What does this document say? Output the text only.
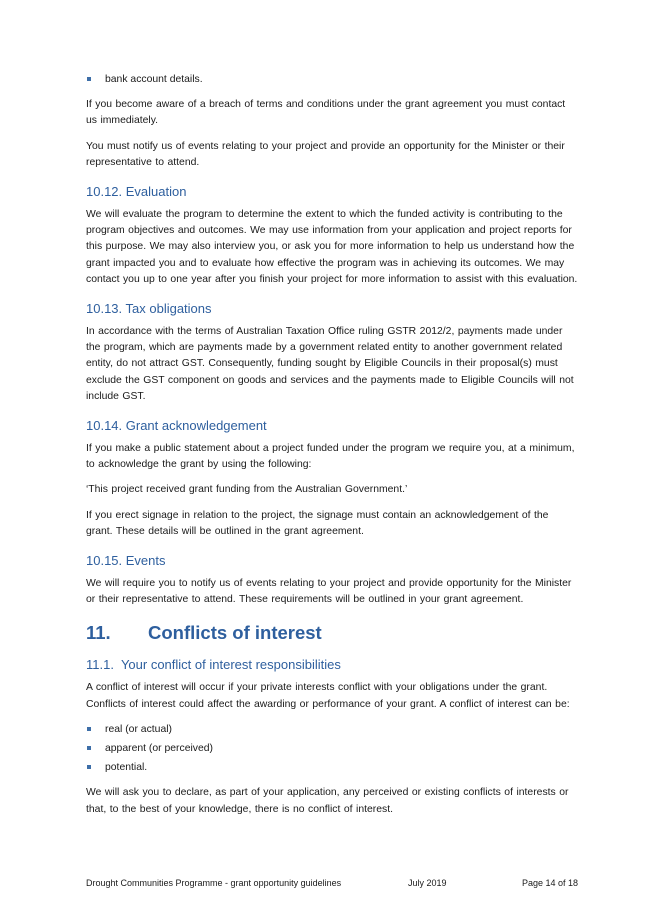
bank account details.

If you become aware of a breach of terms and conditions under the grant agreement you must contact us immediately.

You must notify us of events relating to your project and provide an opportunity for the Minister or their representative to attend.

10.12. Evaluation

We will evaluate the program to determine the extent to which the funded activity is contributing to the program objectives and outcomes. We may use information from your application and project reports for this purpose. We may also interview you, or ask you for more information to help us understand how the grant impacted you and to evaluate how effective the program was in achieving its outcomes. We may contact you up to one year after you finish your project for more information to assist with this evaluation.

10.13. Tax obligations

In accordance with the terms of Australian Taxation Office ruling GSTR 2012/2, payments made under the program, which are payments made by a government related entity to another government related entity, do not attract GST. Consequently, funding sought by Eligible Councils in their proposal(s) must exclude the GST component on goods and services and the payments made to Eligible Councils will not include GST.

10.14. Grant acknowledgement

If you make a public statement about a project funded under the program we require you, at a minimum, to acknowledge the grant by using the following:

‘This project received grant funding from the Australian Government.’

If you erect signage in relation to the project, the signage must contain an acknowledgement of the grant. These details will be outlined in the grant agreement.

10.15. Events

We will require you to notify us of events relating to your project and provide opportunity for the Minister or their representative to attend. These requirements will be outlined in your grant agreement.

11. Conflicts of interest
11.1. Your conflict of interest responsibilities

A conflict of interest will occur if your private interests conflict with your obligations under the grant. Conflicts of interest could affect the awarding or performance of your grant. A conflict of interest can be:

real (or actual)
apparent (or perceived)
potential.

We will ask you to declare, as part of your application, any perceived or existing conflicts of interests or that, to the best of your knowledge, there is no conflict of interest.

Drought Communities Programme - grant opportunity guidelines	July 2019	Page 14 of 18
